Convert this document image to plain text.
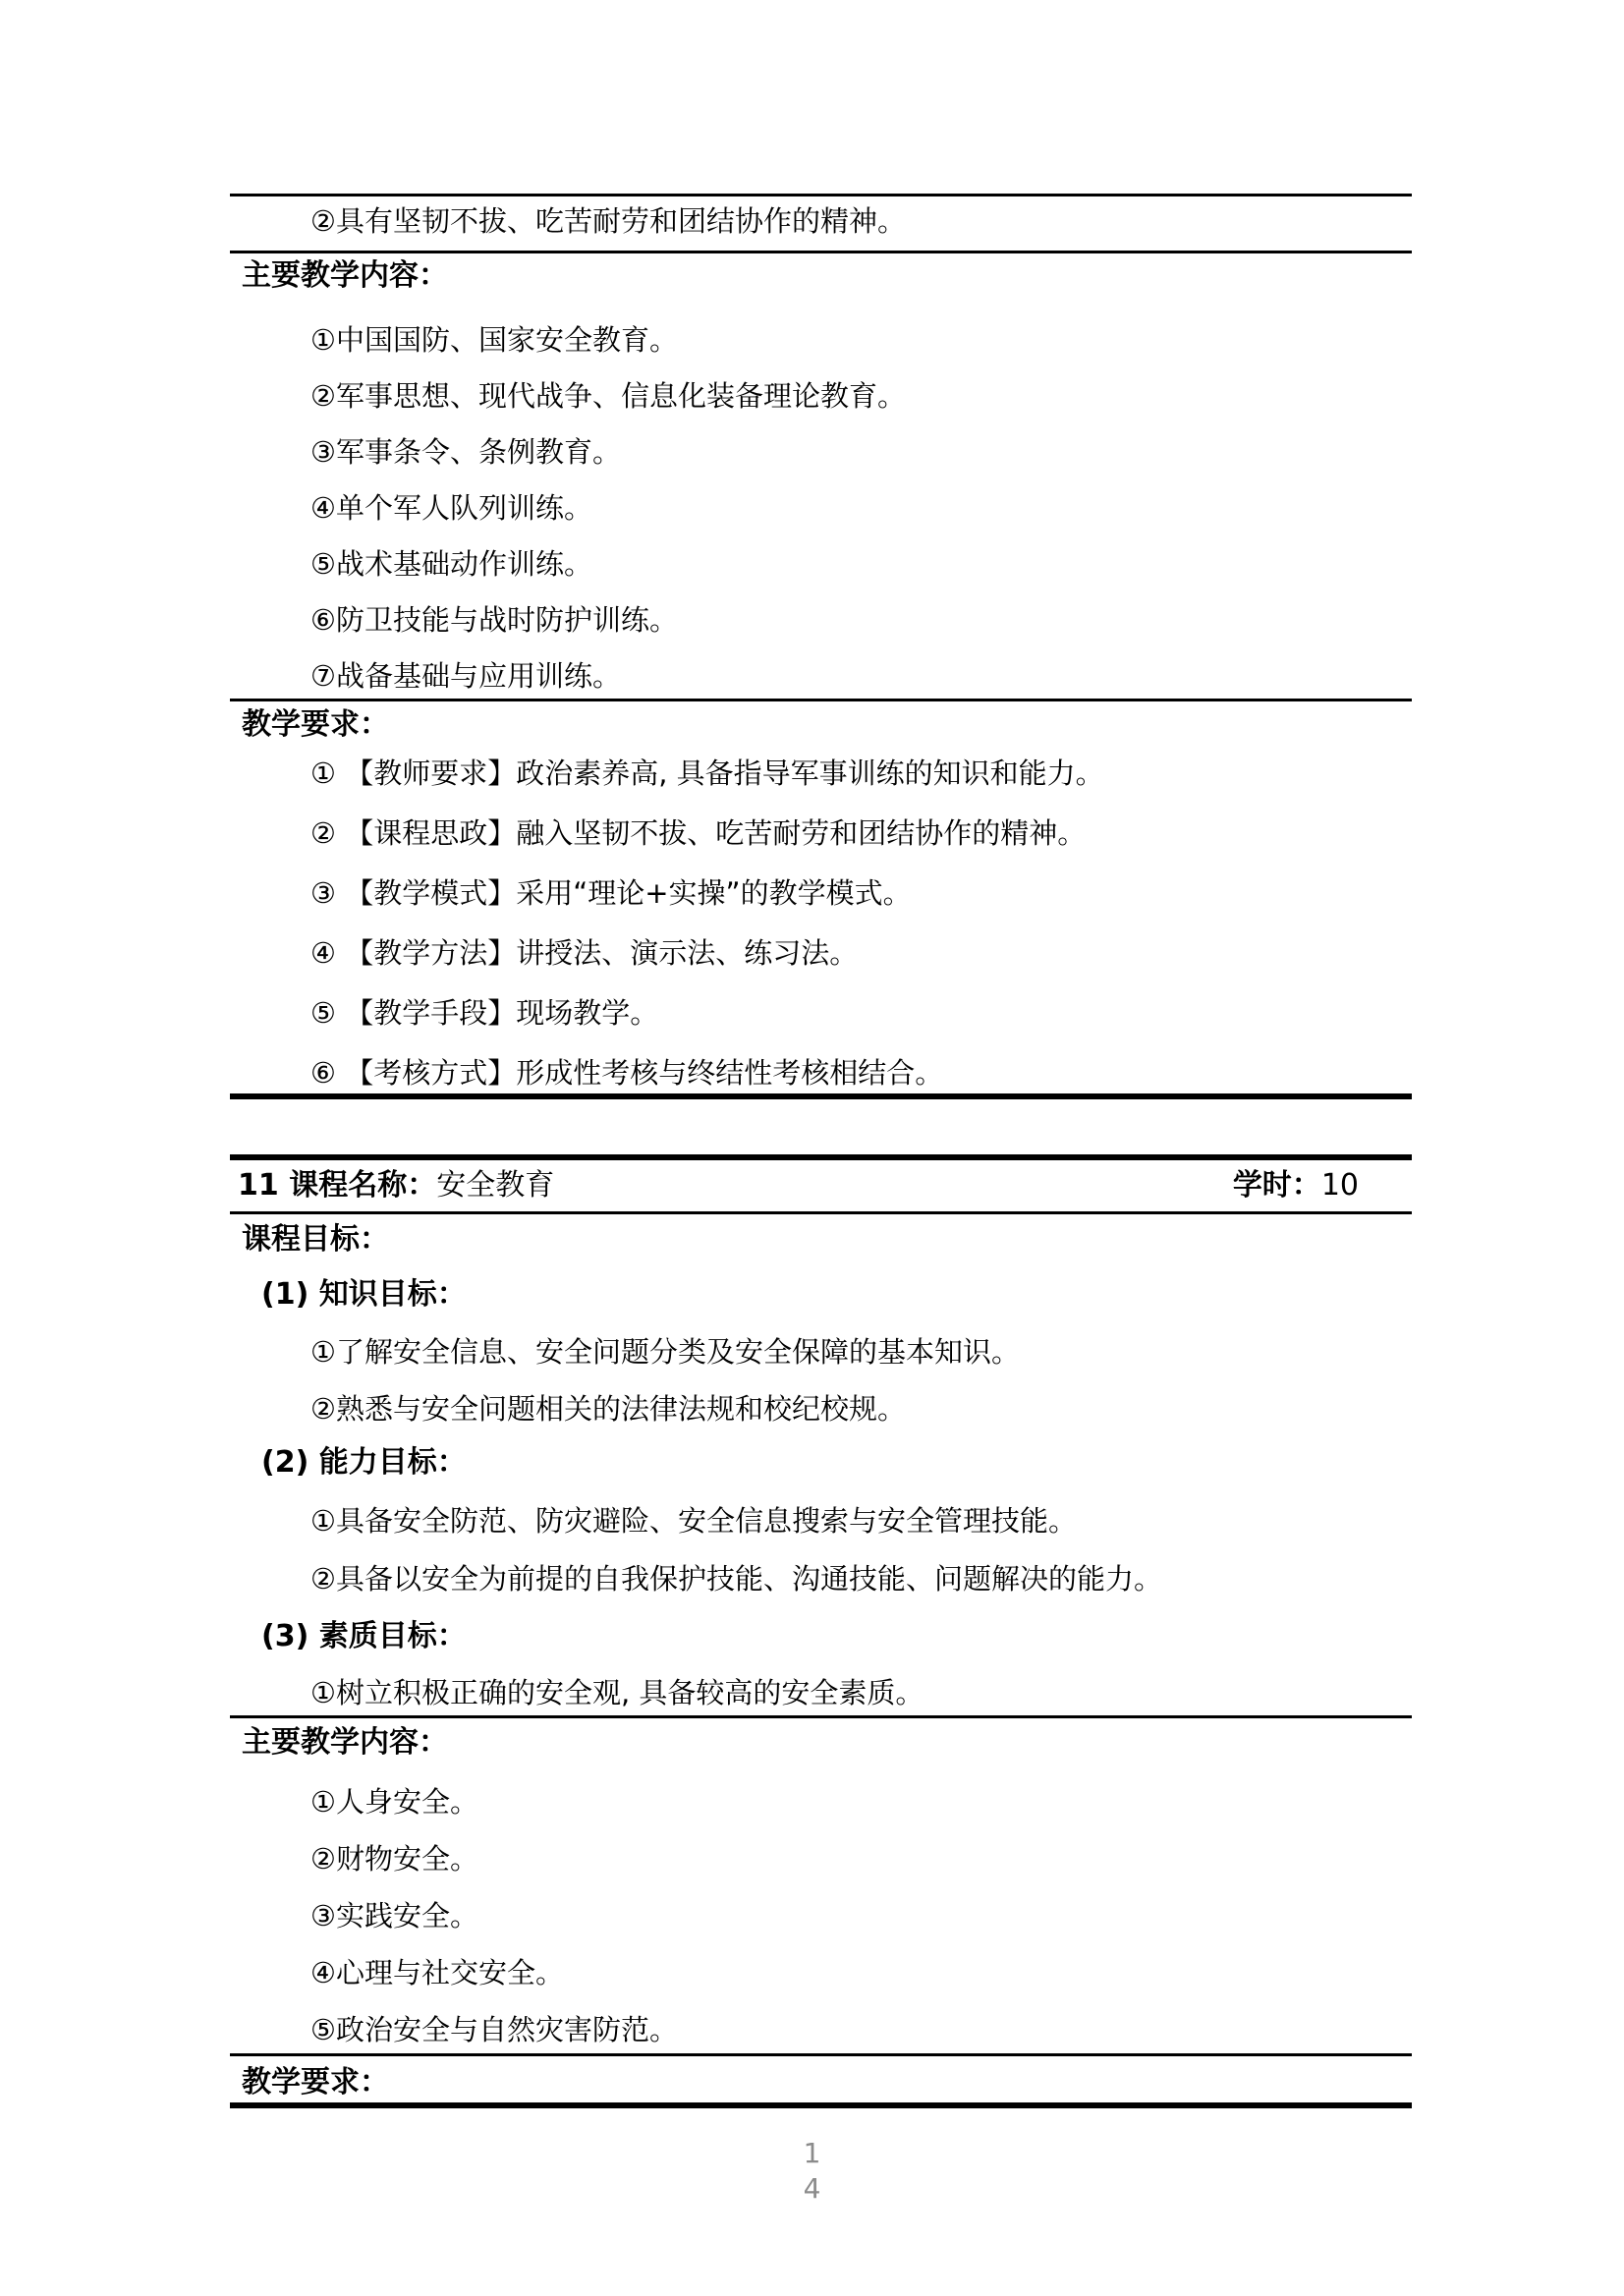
②具有坚韧不拔、吃苦耐劳和团结协作的精神。
主要教学内容：
①中国国防、国家安全教育。
②军事思想、现代战争、信息化装备理论教育。
③军事条令、条例教育。
④单个军人队列训练。
⑤战术基础动作训练。
⑥防卫技能与战时防护训练。
⑦战备基础与应用训练。
教学要求：
① 【教师要求】政治素养高, 具备指导军事训练的知识和能力。
② 【课程思政】融入坚韧不拔、吃苦耐劳和团结协作的精神。
③ 【教学模式】采用“理论+实操”的教学模式。
④ 【教学方法】讲授法、演示法、练习法。
⑤ 【教学手段】现场教学。
⑥ 【考核方式】形成性考核与终结性考核相结合。
11 课程名称： 安全教育	学时：10
课程目标：
(1) 知识目标：
①了解安全信息、安全问题分类及安全保障的基本知识。
②熟悉与安全问题相关的法律法规和校纪校规。
(2) 能力目标：
①具备安全防范、防灾避险、安全信息搜索与安全管理技能。
②具备以安全为前提的自我保护技能、沟通技能、问题解决的能力。
(3) 素质目标：
①树立积极正确的安全观, 具备较高的安全素质。
主要教学内容：
①人身安全。
②财物安全。
③实践安全。
④心理与社交安全。
⑤政治安全与自然灾害防范。
教学要求：
1
4
